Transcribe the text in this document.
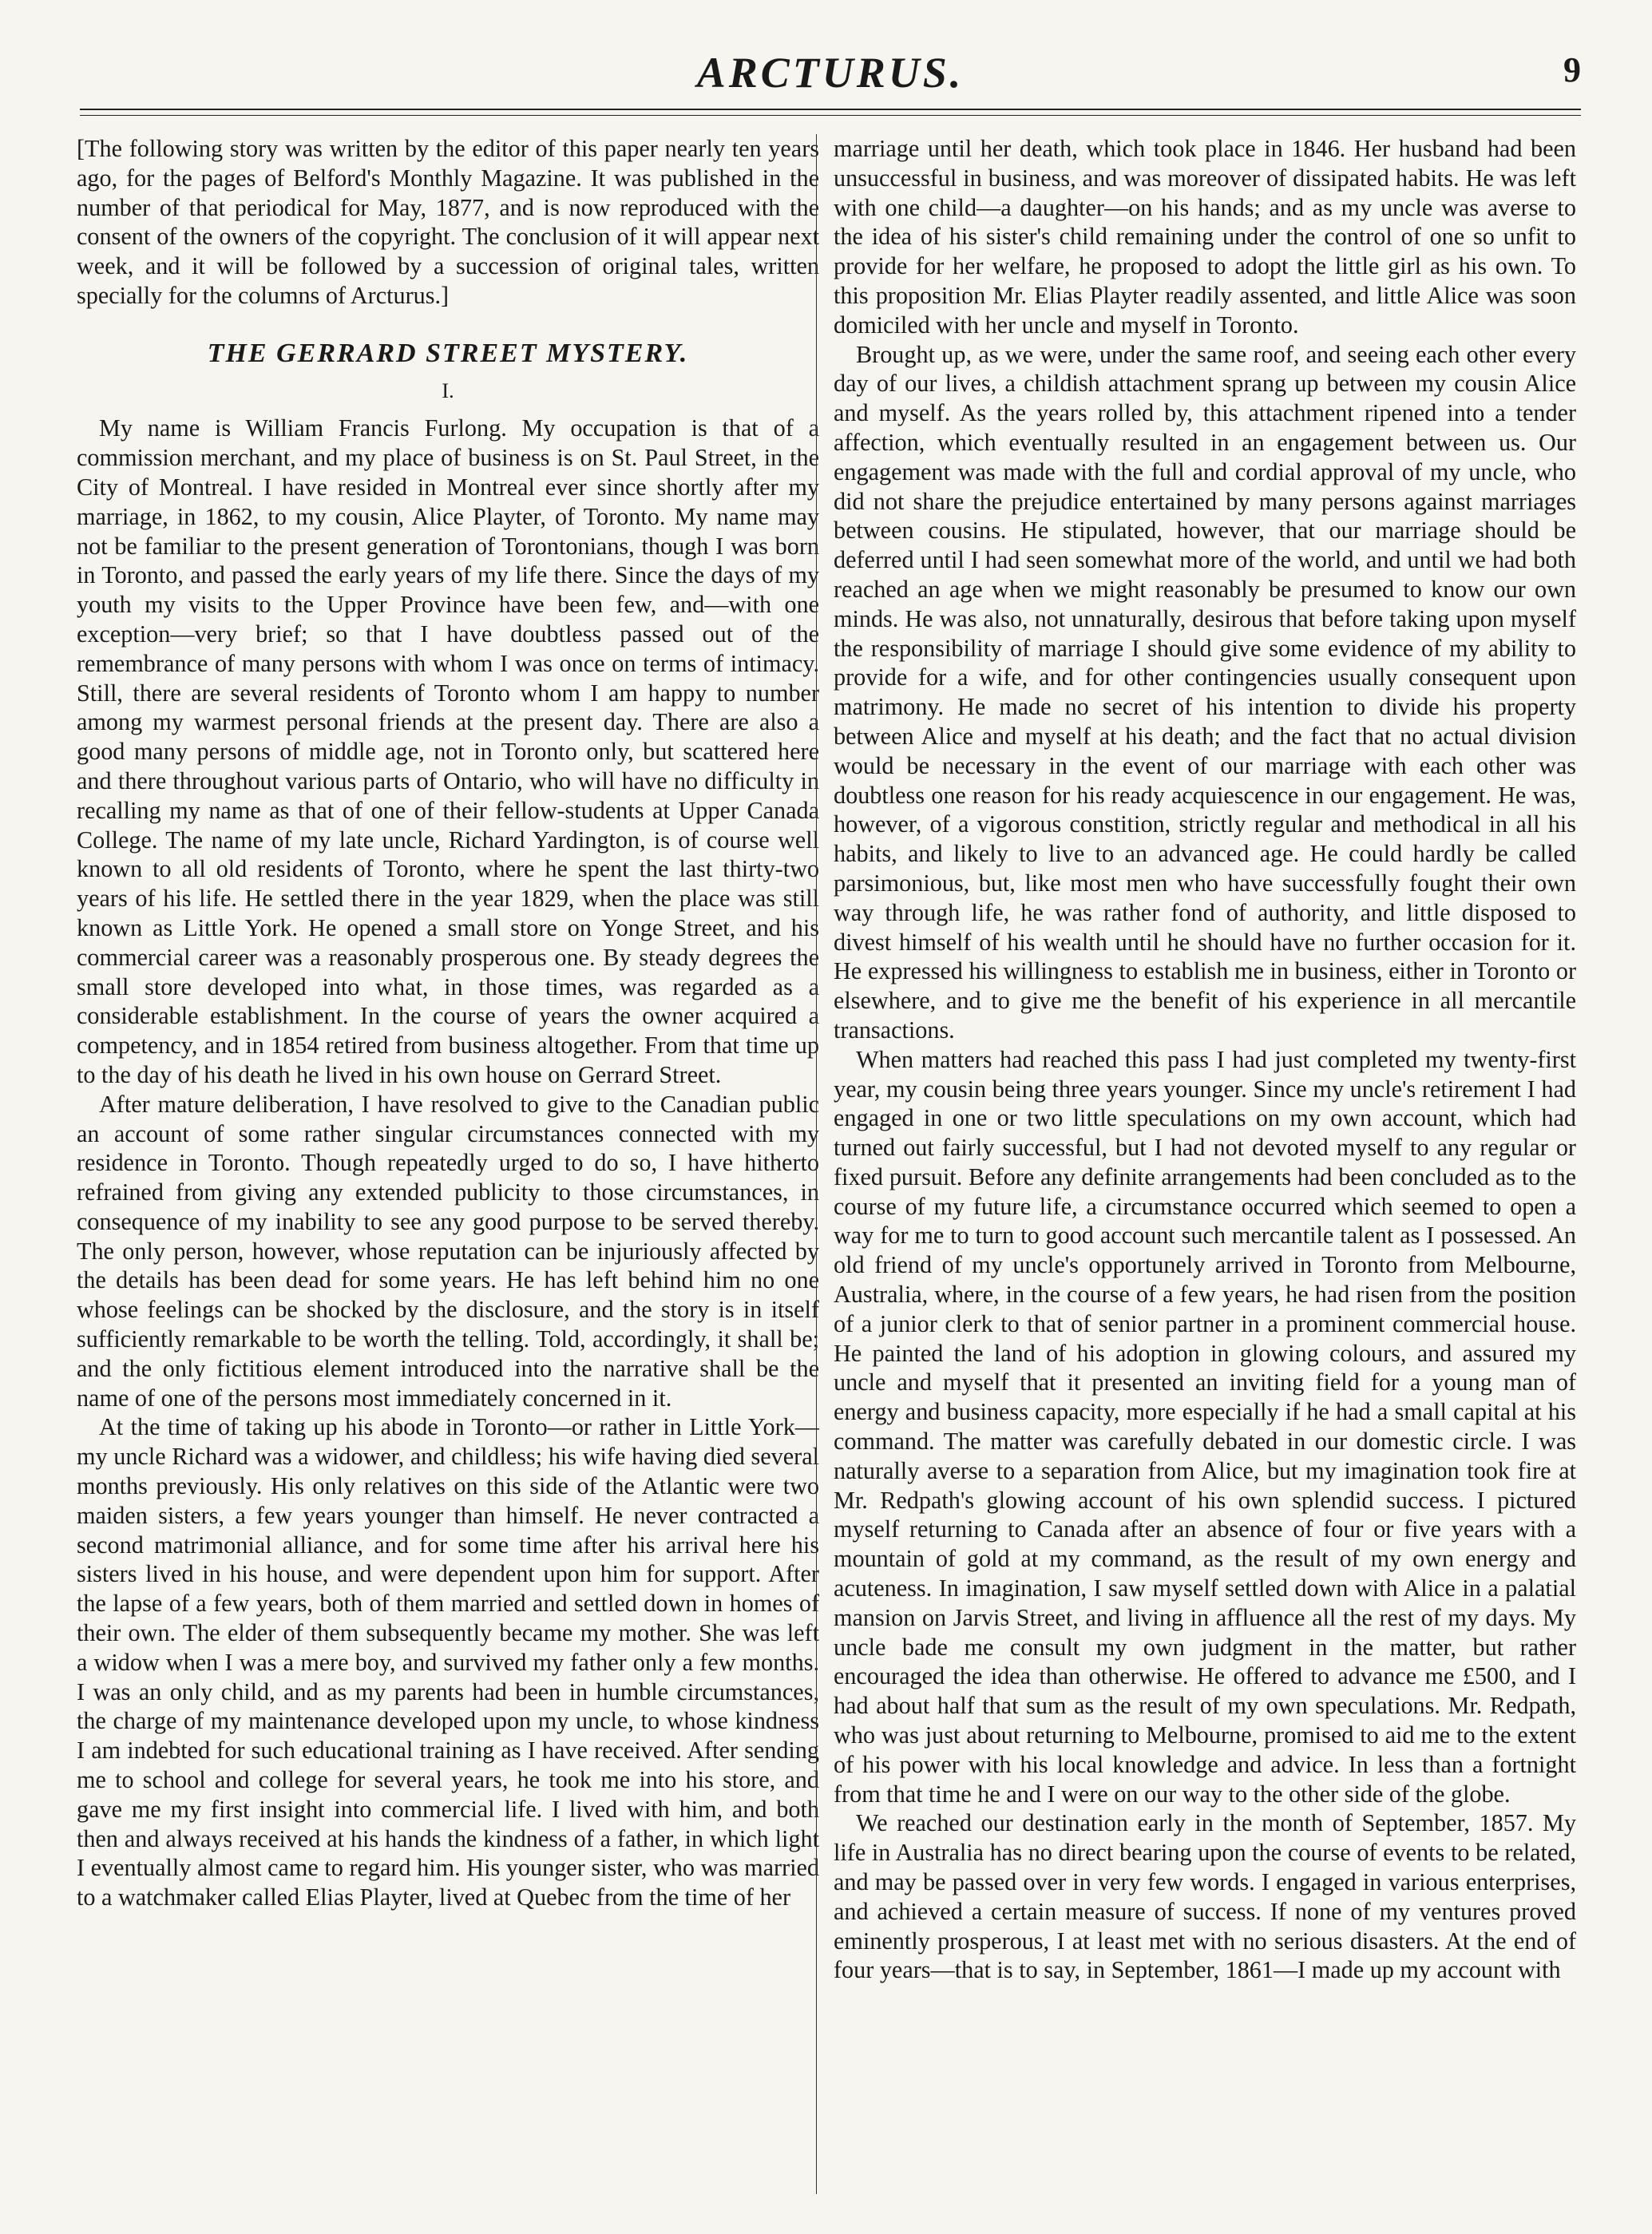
ARCTURUS.	9

[The following story was written by the editor of this paper nearly ten years ago, for the pages of Belford's Monthly Magazine. It was published in the number of that periodical for May, 1877, and is now reproduced with the consent of the owners of the copyright. The conclusion of it will appear next week, and it will be followed by a succession of original tales, written specially for the columns of Arcturus.]

THE GERRARD STREET MYSTERY.
I.

My name is William Francis Furlong. My occupation is that of a commission merchant, and my place of business is on St. Paul Street, in the City of Montreal. I have resided in Montreal ever since shortly after my marriage, in 1862, to my cousin, Alice Playter, of Toronto. My name may not be familiar to the present generation of Torontonians, though I was born in Toronto, and passed the early years of my life there. Since the days of my youth my visits to the Upper Province have been few, and—with one exception—very brief; so that I have doubtless passed out of the remembrance of many persons with whom I was once on terms of intimacy. Still, there are several residents of Toronto whom I am happy to number among my warmest personal friends at the present day. There are also a good many persons of middle age, not in Toronto only, but scattered here and there throughout various parts of Ontario, who will have no difficulty in recalling my name as that of one of their fellow-students at Upper Canada College. The name of my late uncle, Richard Yardington, is of course well known to all old residents of Toronto, where he spent the last thirty-two years of his life. He settled there in the year 1829, when the place was still known as Little York. He opened a small store on Yonge Street, and his commercial career was a reasonably prosperous one. By steady degrees the small store developed into what, in those times, was regarded as a considerable establishment. In the course of years the owner acquired a competency, and in 1854 retired from business altogether. From that time up to the day of his death he lived in his own house on Gerrard Street.

After mature deliberation, I have resolved to give to the Canadian public an account of some rather singular circumstances connected with my residence in Toronto. Though repeatedly urged to do so, I have hitherto refrained from giving any extended publicity to those circumstances, in consequence of my inability to see any good purpose to be served thereby. The only person, however, whose reputation can be injuriously affected by the details has been dead for some years. He has left behind him no one whose feelings can be shocked by the disclosure, and the story is in itself sufficiently remarkable to be worth the telling. Told, accordingly, it shall be; and the only fictitious element introduced into the narrative shall be the name of one of the persons most immediately concerned in it.

At the time of taking up his abode in Toronto—or rather in Little York—my uncle Richard was a widower, and childless; his wife having died several months previously. His only relatives on this side of the Atlantic were two maiden sisters, a few years younger than himself. He never contracted a second matrimonial alliance, and for some time after his arrival here his sisters lived in his house, and were dependent upon him for support. After the lapse of a few years, both of them married and settled down in homes of their own. The elder of them subsequently became my mother. She was left a widow when I was a mere boy, and survived my father only a few months. I was an only child, and as my parents had been in humble circumstances, the charge of my maintenance developed upon my uncle, to whose kindness I am indebted for such educational training as I have received. After sending me to school and college for several years, he took me into his store, and gave me my first insight into commercial life. I lived with him, and both then and always received at his hands the kindness of a father, in which light I eventually almost came to regard him. His younger sister, who was married to a watchmaker called Elias Playter, lived at Quebec from the time of her

marriage until her death, which took place in 1846. Her husband had been unsuccessful in business, and was moreover of dissipated habits. He was left with one child—a daughter—on his hands; and as my uncle was averse to the idea of his sister's child remaining under the control of one so unfit to provide for her welfare, he proposed to adopt the little girl as his own. To this proposition Mr. Elias Playter readily assented, and little Alice was soon domiciled with her uncle and myself in Toronto.

Brought up, as we were, under the same roof, and seeing each other every day of our lives, a childish attachment sprang up between my cousin Alice and myself. As the years rolled by, this attachment ripened into a tender affection, which eventually resulted in an engagement between us. Our engagement was made with the full and cordial approval of my uncle, who did not share the prejudice entertained by many persons against marriages between cousins. He stipulated, however, that our marriage should be deferred until I had seen somewhat more of the world, and until we had both reached an age when we might reasonably be presumed to know our own minds. He was also, not unnaturally, desirous that before taking upon myself the responsibility of marriage I should give some evidence of my ability to provide for a wife, and for other contingencies usually consequent upon matrimony. He made no secret of his intention to divide his property between Alice and myself at his death; and the fact that no actual division would be necessary in the event of our marriage with each other was doubtless one reason for his ready acquiescence in our engagement. He was, however, of a vigorous constition, strictly regular and methodical in all his habits, and likely to live to an advanced age. He could hardly be called parsimonious, but, like most men who have successfully fought their own way through life, he was rather fond of authority, and little disposed to divest himself of his wealth until he should have no further occasion for it. He expressed his willingness to establish me in business, either in Toronto or elsewhere, and to give me the benefit of his experience in all mercantile transactions.

When matters had reached this pass I had just completed my twenty-first year, my cousin being three years younger. Since my uncle's retirement I had engaged in one or two little speculations on my own account, which had turned out fairly successful, but I had not devoted myself to any regular or fixed pursuit. Before any definite arrangements had been concluded as to the course of my future life, a circumstance occurred which seemed to open a way for me to turn to good account such mercantile talent as I possessed. An old friend of my uncle's opportunely arrived in Toronto from Melbourne, Australia, where, in the course of a few years, he had risen from the position of a junior clerk to that of senior partner in a prominent commercial house. He painted the land of his adoption in glowing colours, and assured my uncle and myself that it presented an inviting field for a young man of energy and business capacity, more especially if he had a small capital at his command. The matter was carefully debated in our domestic circle. I was naturally averse to a separation from Alice, but my imagination took fire at Mr. Redpath's glowing account of his own splendid success. I pictured myself returning to Canada after an absence of four or five years with a mountain of gold at my command, as the result of my own energy and acuteness. In imagination, I saw myself settled down with Alice in a palatial mansion on Jarvis Street, and living in affluence all the rest of my days. My uncle bade me consult my own judgment in the matter, but rather encouraged the idea than otherwise. He offered to advance me £500, and I had about half that sum as the result of my own speculations. Mr. Redpath, who was just about returning to Melbourne, promised to aid me to the extent of his power with his local knowledge and advice. In less than a fortnight from that time he and I were on our way to the other side of the globe.

We reached our destination early in the month of September, 1857. My life in Australia has no direct bearing upon the course of events to be related, and may be passed over in very few words. I engaged in various enterprises, and achieved a certain measure of success. If none of my ventures proved eminently prosperous, I at least met with no serious disasters. At the end of four years—that is to say, in September, 1861—I made up my account with
